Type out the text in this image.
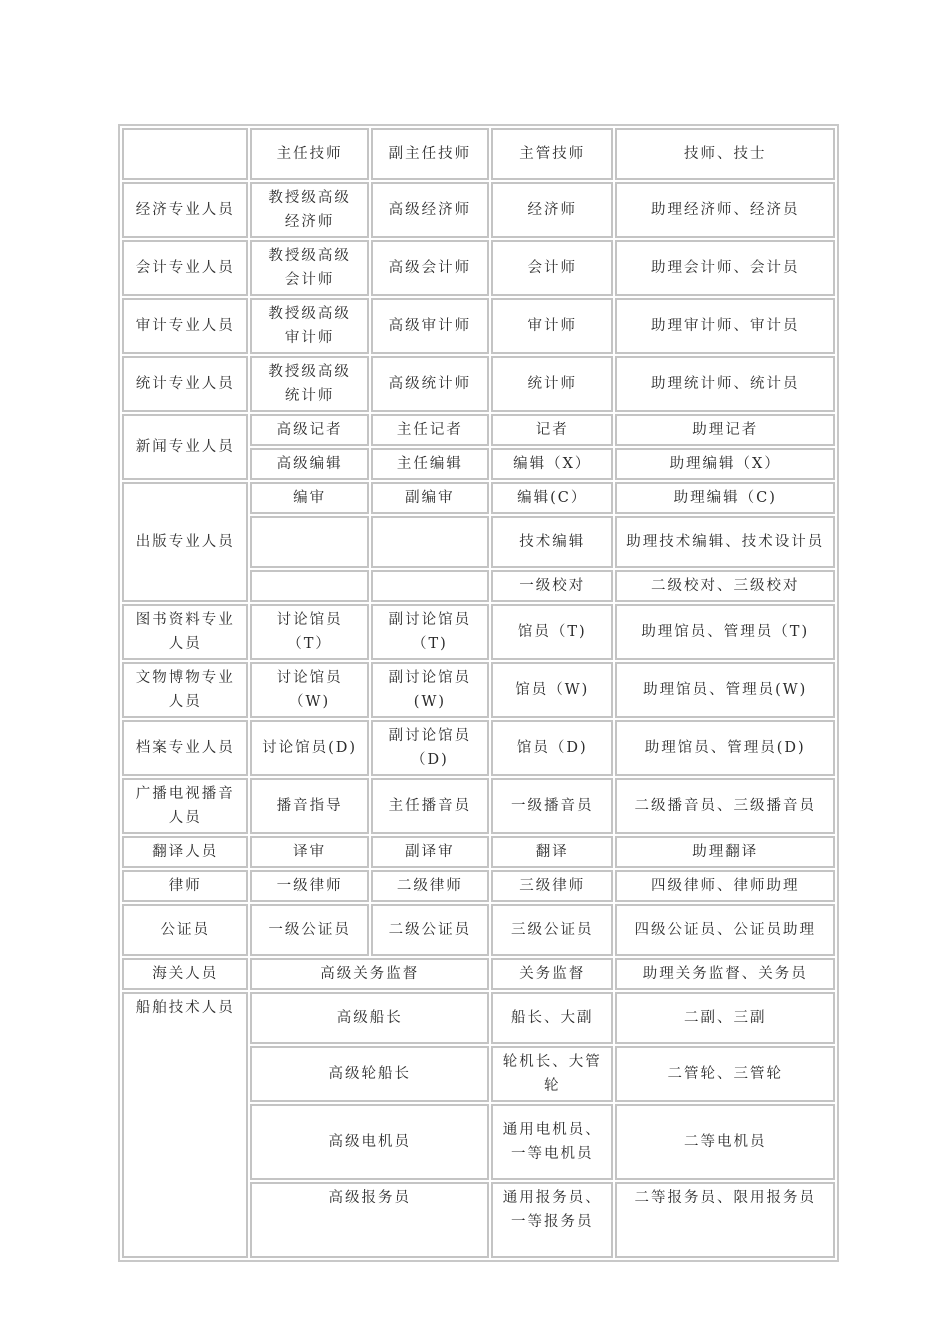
	主任技师	副主任技师	主管技师	技师、技士
经济专业人员	教授级高级经济师	高级经济师	经济师	助理经济师、经济员
会计专业人员	教授级高级会计师	高级会计师	会计师	助理会计师、会计员
审计专业人员	教授级高级审计师	高级审计师	审计师	助理审计师、审计员
统计专业人员	教授级高级统计师	高级统计师	统计师	助理统计师、统计员
新闻专业人员	高级记者	主任记者	记者	助理记者
	高级编辑	主任编辑	编辑（X）	助理编辑（X）
出版专业人员	编审	副编审	编辑(C）	助理编辑（C)
			技术编辑	助理技术编辑、技术设计员
			一级校对	二级校对、三级校对
图书资料专业人员	讨论馆员（T）	副讨论馆员（T)	馆员（T)	助理馆员、管理员（T)
文物博物专业人员	讨论馆员（W)	副讨论馆员(W)	馆员（W)	助理馆员、管理员(W)
档案专业人员	讨论馆员(D)	副讨论馆员（D)	馆员（D)	助理馆员、管理员(D)
广播电视播音人员	播音指导	主任播音员	一级播音员	二级播音员、三级播音员
翻译人员	译审	副译审	翻译	助理翻译
律师	一级律师	二级律师	三级律师	四级律师、律师助理
公证员	一级公证员	二级公证员	三级公证员	四级公证员、公证员助理
海关人员	高级关务监督		关务监督	助理关务监督、关务员
船舶技术人员	高级船长		船长、大副	二副、三副
	高级轮船长		轮机长、大管轮	二管轮、三管轮
	高级电机员		通用电机员、一等电机员	二等电机员
	高级报务员		通用报务员、一等报务员	二等报务员、限用报务员
